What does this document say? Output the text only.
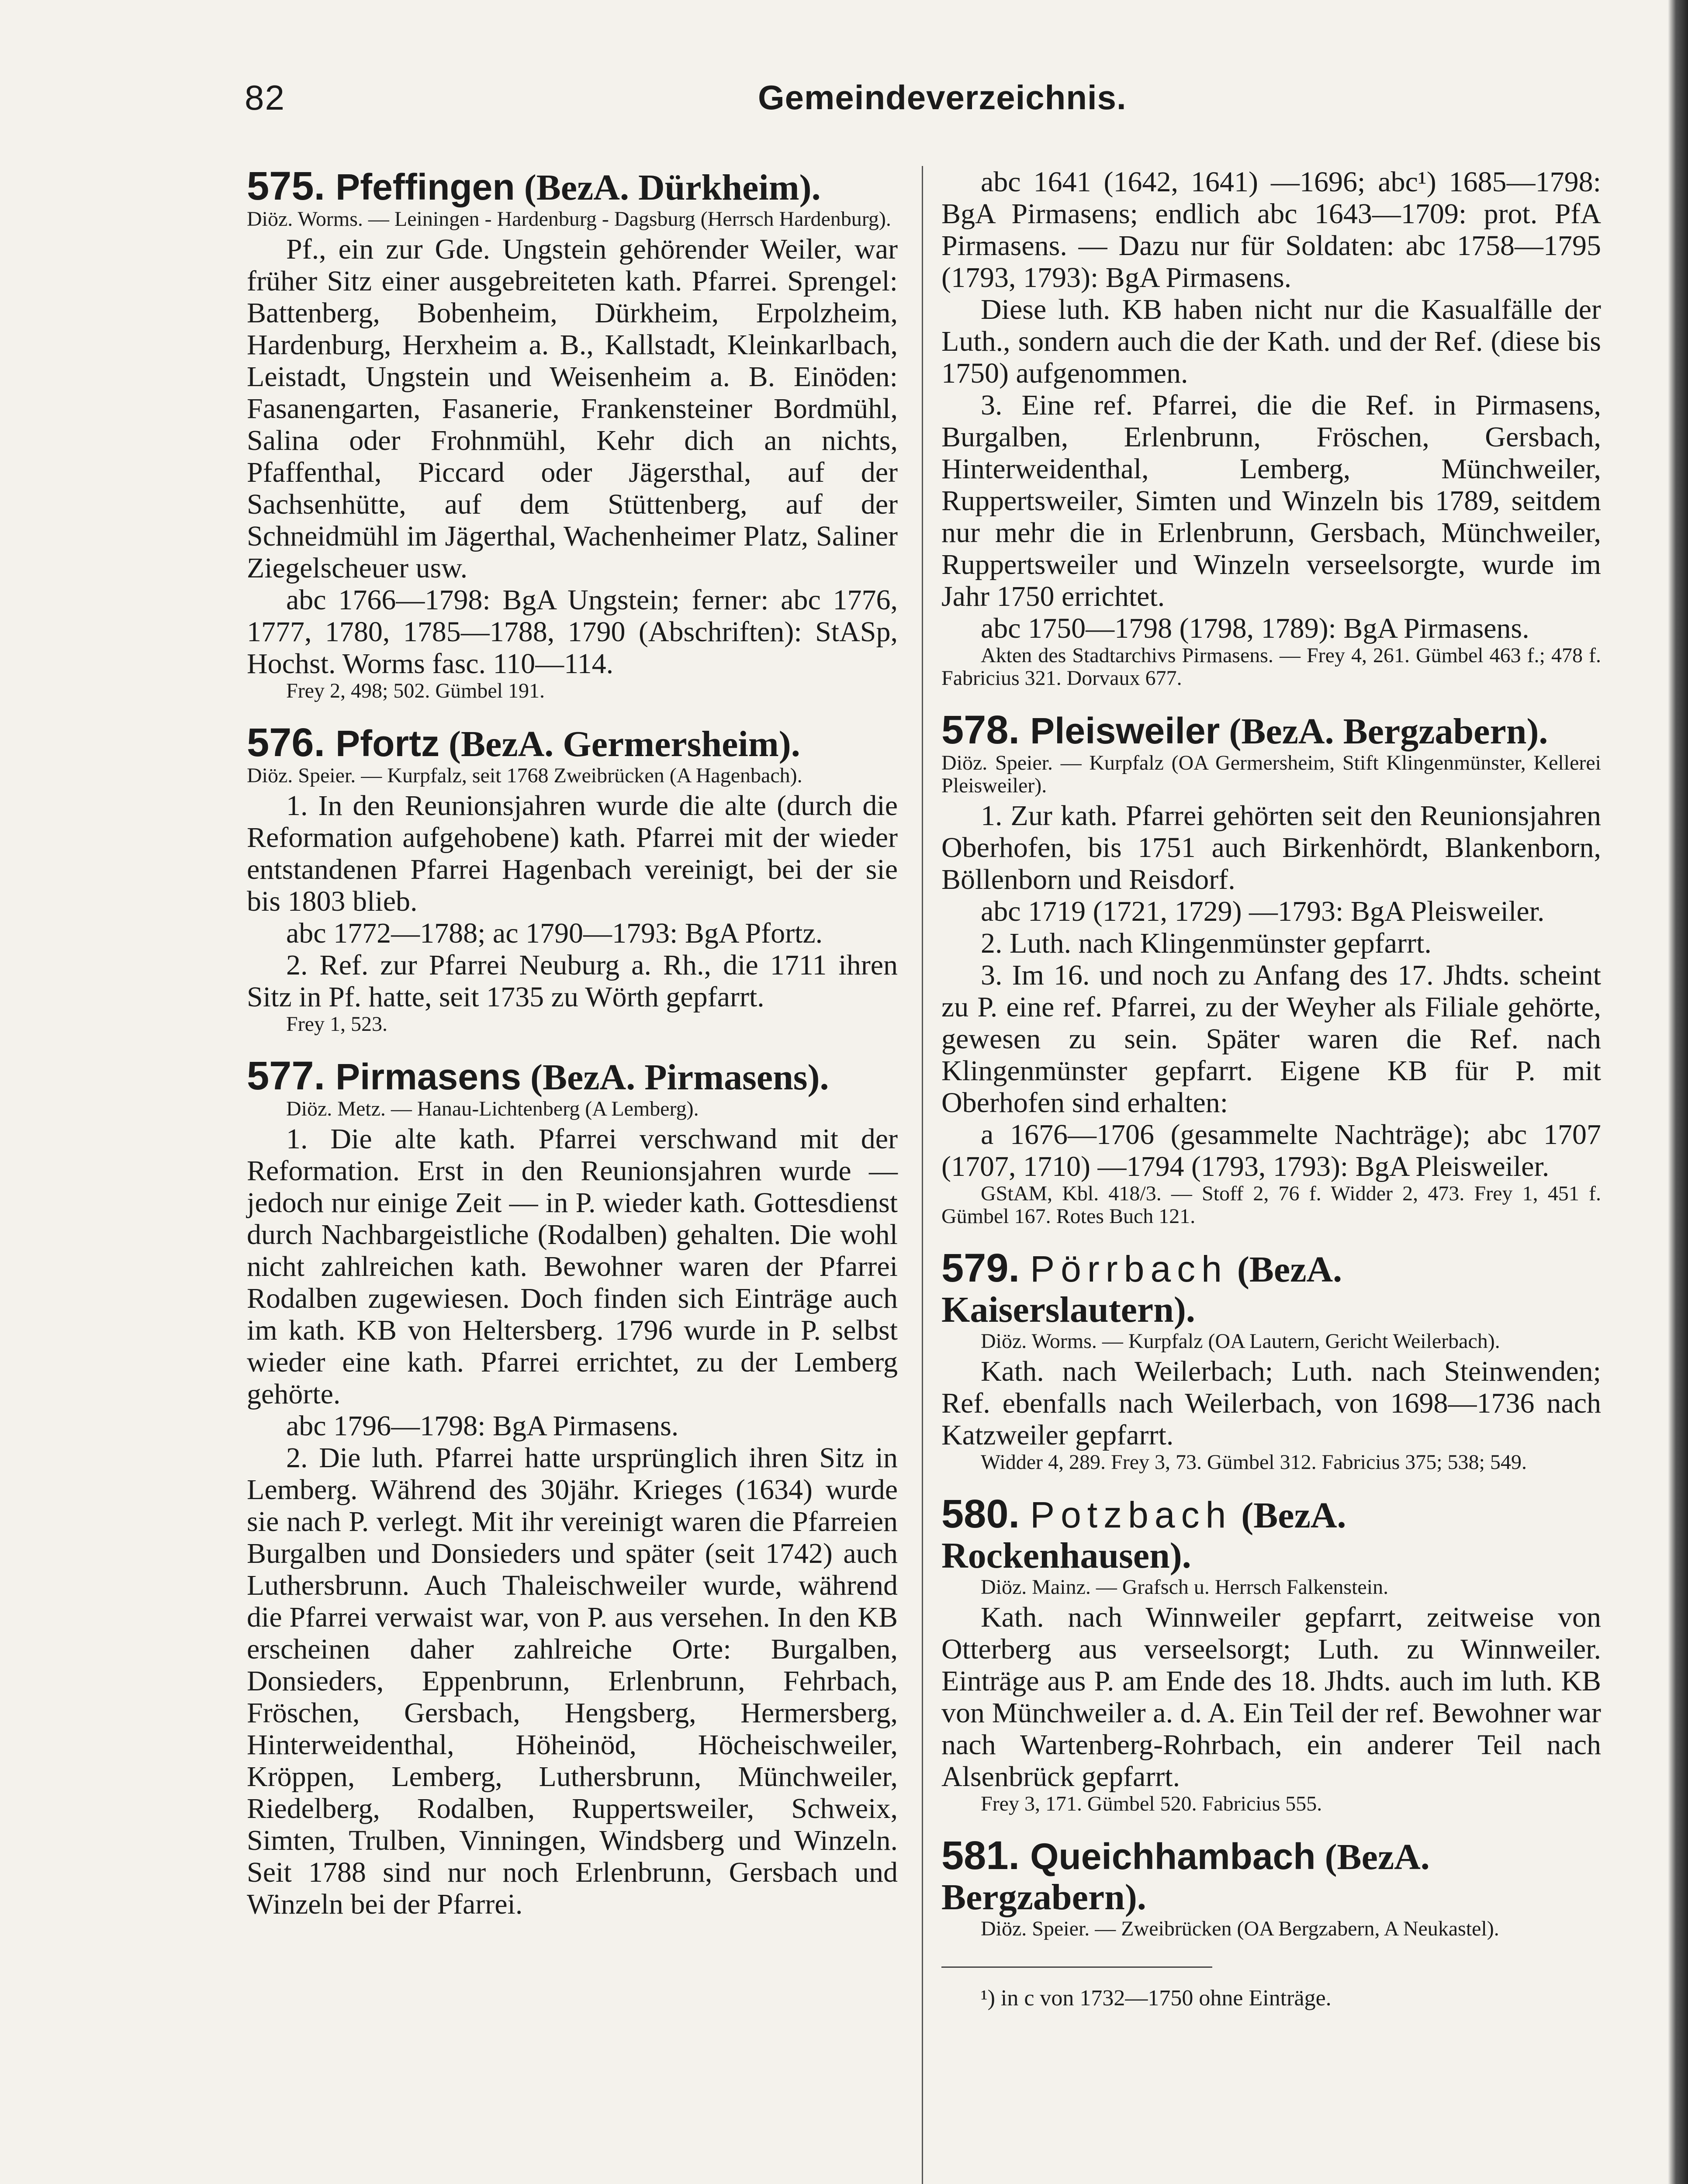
82	Gemeindeverzeichnis.
575. Pfeffingen (BezA. Dürkheim).

Diöz. Worms. — Leiningen - Hardenburg - Dagsburg (Herrsch Hardenburg).

Pf., ein zur Gde. Ungstein gehörender Weiler, war früher Sitz einer ausgebreiteten kath. Pfarrei. Sprengel: Battenberg, Bobenheim, Dürkheim, Erpolzheim, Hardenburg, Herxheim a. B., Kallstadt, Kleinkarlbach, Leistadt, Ungstein und Weisenheim a. B. Einöden: Fasanengarten, Fasanerie, Frankensteiner Bordmühl, Salina oder Frohnmühl, Kehr dich an nichts, Pfaffenthal, Piccard oder Jägersthal, auf der Sachsenhütte, auf dem Stüttenberg, auf der Schneidmühl im Jägerthal, Wachenheimer Platz, Saliner Ziegelscheuer usw.

abc 1766—1798: BgA Ungstein; ferner: abc 1776, 1777, 1780, 1785—1788, 1790 (Abschriften): StASp, Hochst. Worms fasc. 110—114.

Frey 2, 498; 502. Gümbel 191.

576. Pfortz (BezA. Germersheim).

Diöz. Speier. — Kurpfalz, seit 1768 Zweibrücken (A Hagenbach).

1. In den Reunionsjahren wurde die alte (durch die Reformation aufgehobene) kath. Pfarrei mit der wieder entstandenen Pfarrei Hagenbach vereinigt, bei der sie bis 1803 blieb.

abc 1772—1788; ac 1790—1793: BgA Pfortz.

2. Ref. zur Pfarrei Neuburg a. Rh., die 1711 ihren Sitz in Pf. hatte, seit 1735 zu Wörth gepfarrt.

Frey 1, 523.

577. Pirmasens (BezA. Pirmasens).

Diöz. Metz. — Hanau-Lichtenberg (A Lemberg).

1. Die alte kath. Pfarrei verschwand mit der Reformation. Erst in den Reunionsjahren wurde — jedoch nur einige Zeit — in P. wieder kath. Gottesdienst durch Nachbargeistliche (Rodalben) gehalten. Die wohl nicht zahlreichen kath. Bewohner waren der Pfarrei Rodalben zugewiesen. Doch finden sich Einträge auch im kath. KB von Heltersberg. 1796 wurde in P. selbst wieder eine kath. Pfarrei errichtet, zu der Lemberg gehörte.

abc 1796—1798: BgA Pirmasens.

2. Die luth. Pfarrei hatte ursprünglich ihren Sitz in Lemberg. Während des 30jähr. Krieges (1634) wurde sie nach P. verlegt. Mit ihr vereinigt waren die Pfarreien Burgalben und Donsieders und später (seit 1742) auch Luthersbrunn. Auch Thaleischweiler wurde, während die Pfarrei verwaist war, von P. aus versehen. In den KB erscheinen daher zahlreiche Orte: Burgalben, Donsieders, Eppenbrunn, Erlenbrunn, Fehrbach, Fröschen, Gersbach, Hengsberg, Hermersberg, Hinterweidenthal, Höheinöd, Höcheischweiler, Kröppen, Lemberg, Luthersbrunn, Münchweiler, Riedelberg, Rodalben, Ruppertsweiler, Schweix, Simten, Trulben, Vinningen, Windsberg und Winzeln. Seit 1788 sind nur noch Erlenbrunn, Gersbach und Winzeln bei der Pfarrei.

abc 1641 (1642, 1641) —1696; abc¹) 1685—1798: BgA Pirmasens; endlich abc 1643—1709: prot. PfA Pirmasens. — Dazu nur für Soldaten: abc 1758—1795 (1793, 1793): BgA Pirmasens.

Diese luth. KB haben nicht nur die Kasualfälle der Luth., sondern auch die der Kath. und der Ref. (diese bis 1750) aufgenommen.

3. Eine ref. Pfarrei, die die Ref. in Pirmasens, Burgalben, Erlenbrunn, Fröschen, Gersbach, Hinterweidenthal, Lemberg, Münchweiler, Ruppertsweiler, Simten und Winzeln bis 1789, seitdem nur mehr die in Erlenbrunn, Gersbach, Münchweiler, Ruppertsweiler und Winzeln verseelsorgte, wurde im Jahr 1750 errichtet.

abc 1750—1798 (1798, 1789): BgA Pirmasens.

Akten des Stadtarchivs Pirmasens. — Frey 4, 261. Gümbel 463 f.; 478 f. Fabricius 321. Dorvaux 677.

578. Pleisweiler (BezA. Bergzabern).

Diöz. Speier. — Kurpfalz (OA Germersheim, Stift Klingenmünster, Kellerei Pleisweiler).

1. Zur kath. Pfarrei gehörten seit den Reunionsjahren Oberhofen, bis 1751 auch Birkenhördt, Blankenborn, Böllenborn und Reisdorf.

abc 1719 (1721, 1729) —1793: BgA Pleisweiler.

2. Luth. nach Klingenmünster gepfarrt.

3. Im 16. und noch zu Anfang des 17. Jhdts. scheint zu P. eine ref. Pfarrei, zu der Weyher als Filiale gehörte, gewesen zu sein. Später waren die Ref. nach Klingenmünster gepfarrt. Eigene KB für P. mit Oberhofen sind erhalten:

a 1676—1706 (gesammelte Nachträge); abc 1707 (1707, 1710) —1794 (1793, 1793): BgA Pleisweiler.

GStAM, Kbl. 418/3. — Stoff 2, 76 f. Widder 2, 473. Frey 1, 451 f. Gümbel 167. Rotes Buch 121.

579. Pörrbach (BezA. Kaiserslautern).

Diöz. Worms. — Kurpfalz (OA Lautern, Gericht Weilerbach).

Kath. nach Weilerbach; Luth. nach Steinwenden; Ref. ebenfalls nach Weilerbach, von 1698—1736 nach Katzweiler gepfarrt.

Widder 4, 289. Frey 3, 73. Gümbel 312. Fabricius 375; 538; 549.

580. Potzbach (BezA. Rockenhausen).

Diöz. Mainz. — Grafsch u. Herrsch Falkenstein.

Kath. nach Winnweiler gepfarrt, zeitweise von Otterberg aus verseelsorgt; Luth. zu Winnweiler. Einträge aus P. am Ende des 18. Jhdts. auch im luth. KB von Münchweiler a. d. A. Ein Teil der ref. Bewohner war nach Wartenberg-Rohrbach, ein anderer Teil nach Alsenbrück gepfarrt.

Frey 3, 171. Gümbel 520. Fabricius 555.

581. Queichhambach (BezA. Bergzabern).

Diöz. Speier. — Zweibrücken (OA Bergzabern, A Neukastel).

¹) in c von 1732—1750 ohne Einträge.
